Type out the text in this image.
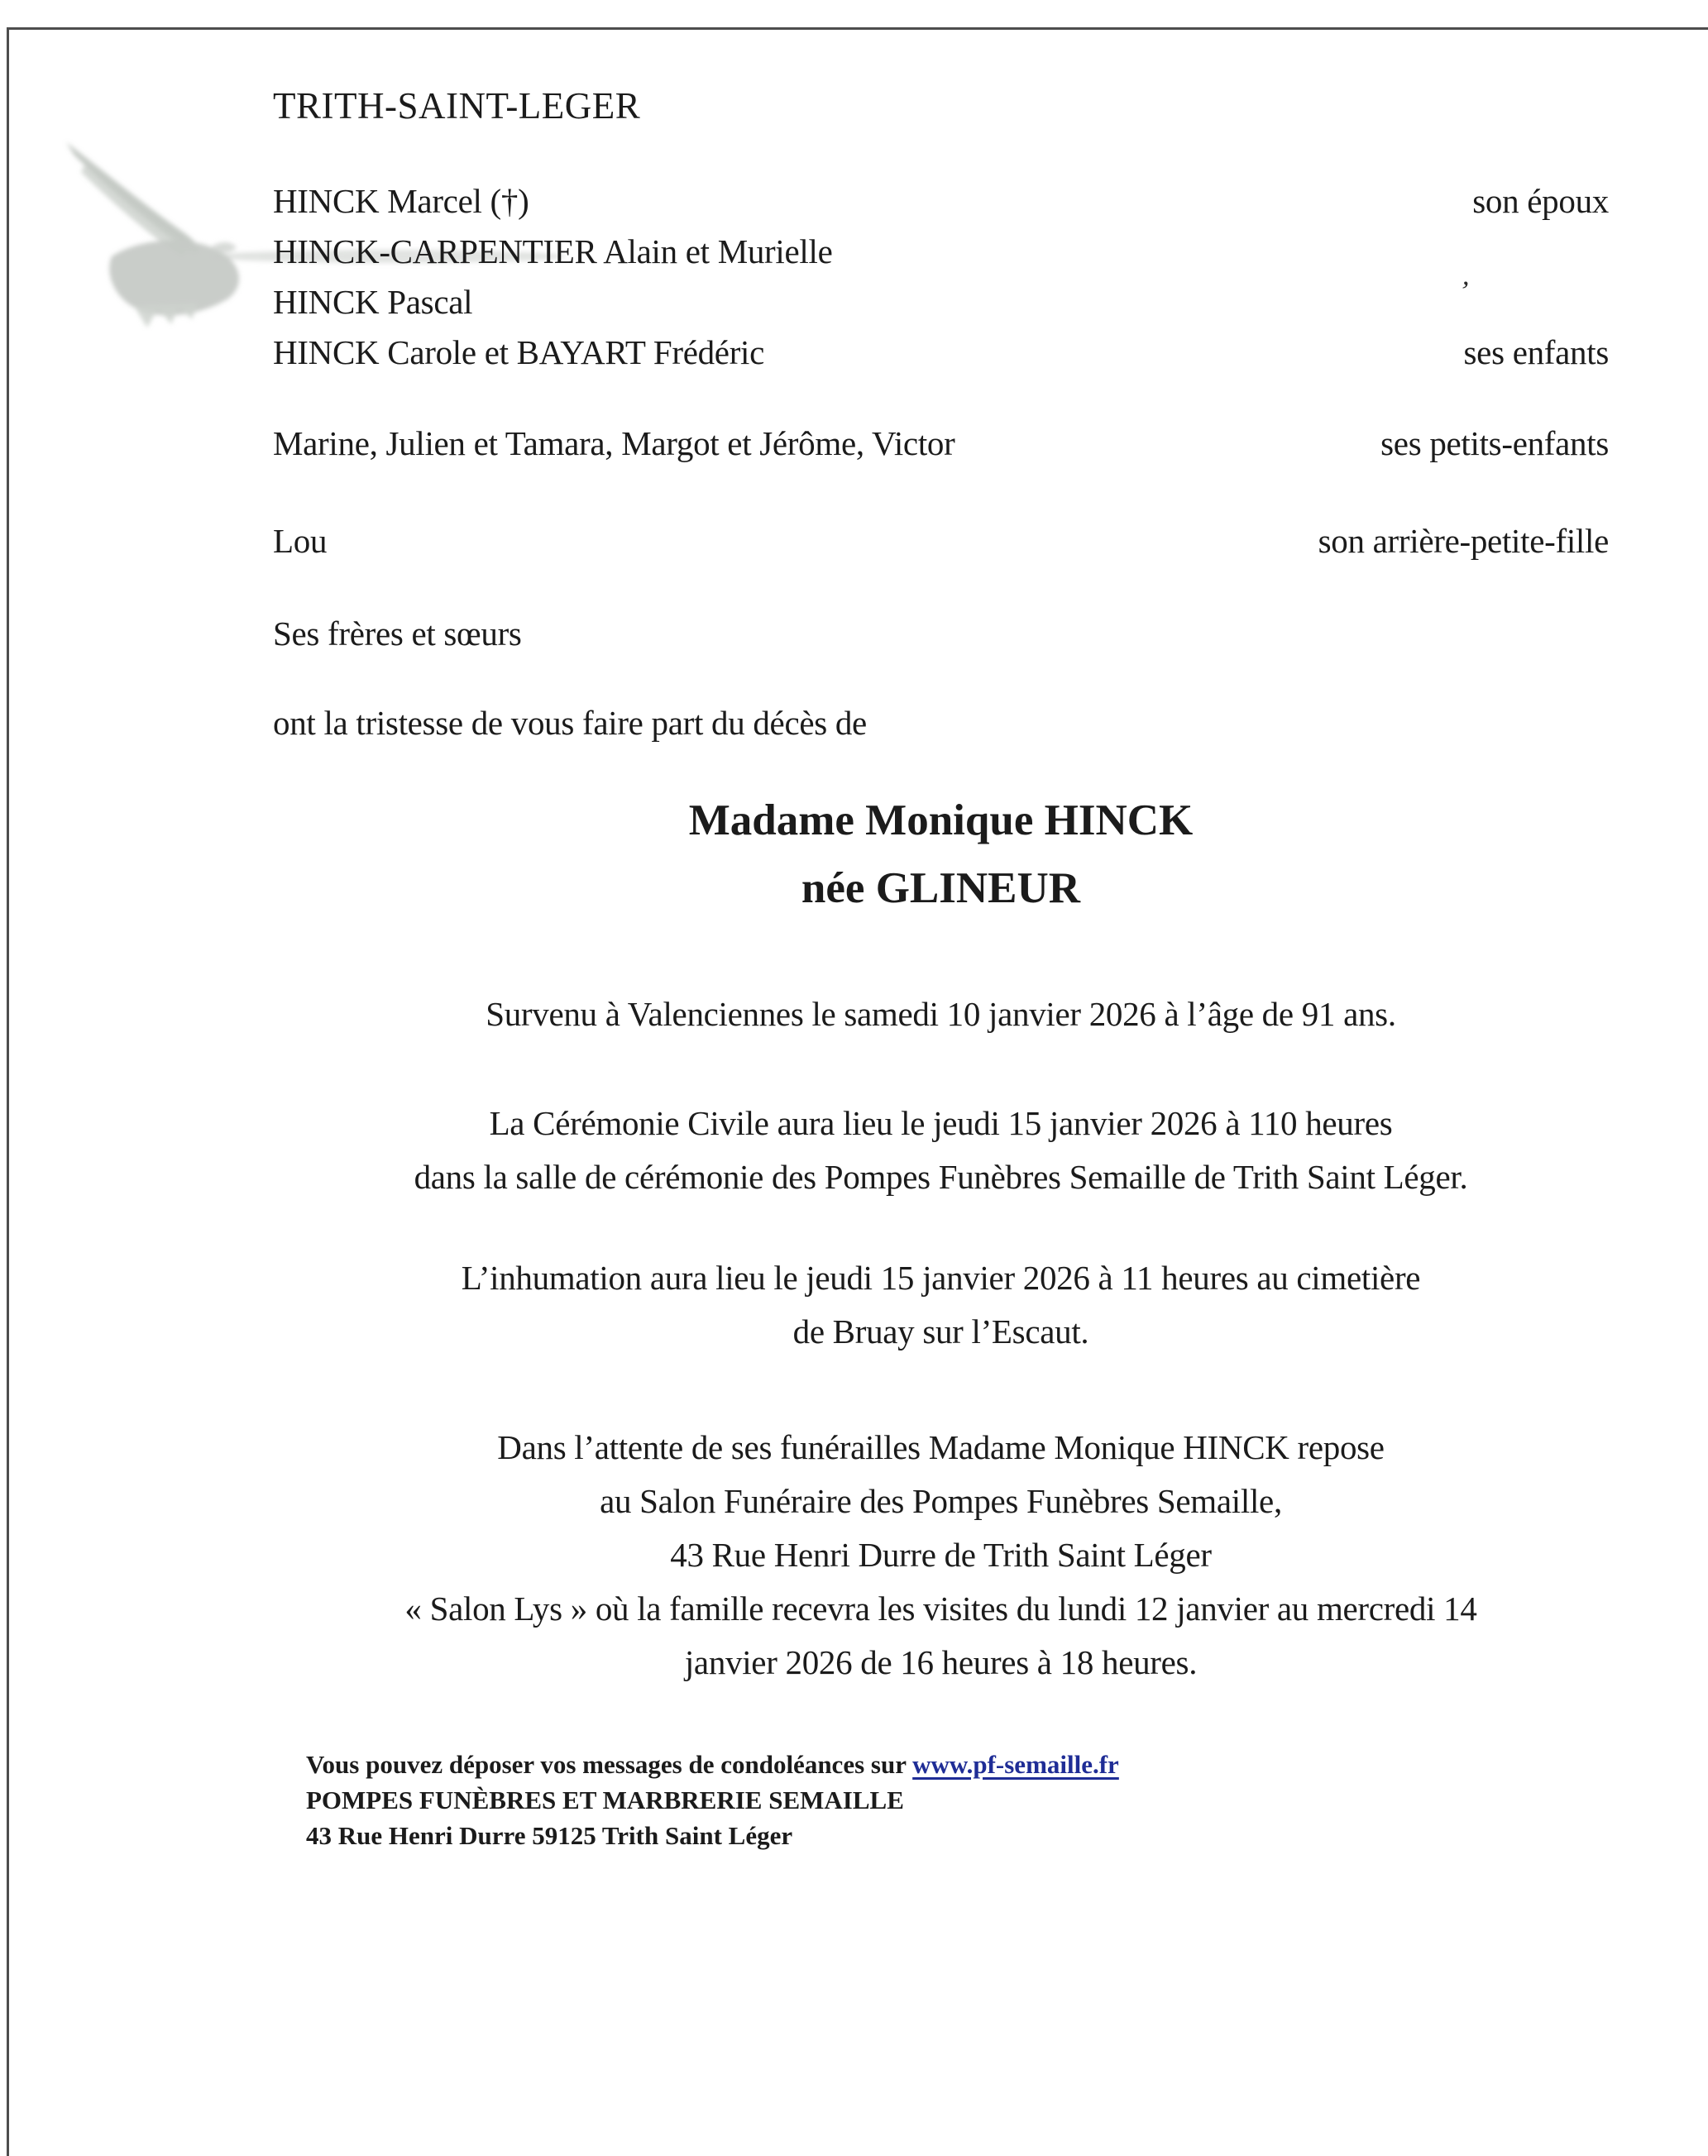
’
TRITH-SAINT-LEGER
HINCK Marcel (†)	son époux
HINCK-CARPENTIER Alain et Murielle
HINCK Pascal
HINCK Carole et BAYART Frédéric	ses enfants
Marine, Julien et Tamara, Margot et Jérôme, Victor	ses petits-enfants
Lou	son arrière-petite-fille
Ses frères et sœurs
ont la tristesse de vous faire part du décès de
Madame Monique HINCK
née GLINEUR
Survenu à Valenciennes le samedi 10 janvier 2026 à l’âge de 91 ans.
La Cérémonie Civile aura lieu le jeudi 15 janvier 2026 à 110 heures
dans la salle de cérémonie des Pompes Funèbres Semaille de Trith Saint Léger.
L’inhumation aura lieu le jeudi 15 janvier 2026 à 11 heures au cimetière
de Bruay sur l’Escaut.
Dans l’attente de ses funérailles Madame Monique HINCK repose
au Salon Funéraire des Pompes Funèbres Semaille,
43 Rue Henri Durre de Trith Saint Léger
« Salon Lys » où la famille recevra les visites du lundi 12 janvier au mercredi 14
janvier 2026 de 16 heures à 18 heures.
Vous pouvez déposer vos messages de condoléances sur www.pf-semaille.fr
POMPES FUNÈBRES ET MARBRERIE SEMAILLE
43 Rue Henri Durre 59125 Trith Saint Léger
